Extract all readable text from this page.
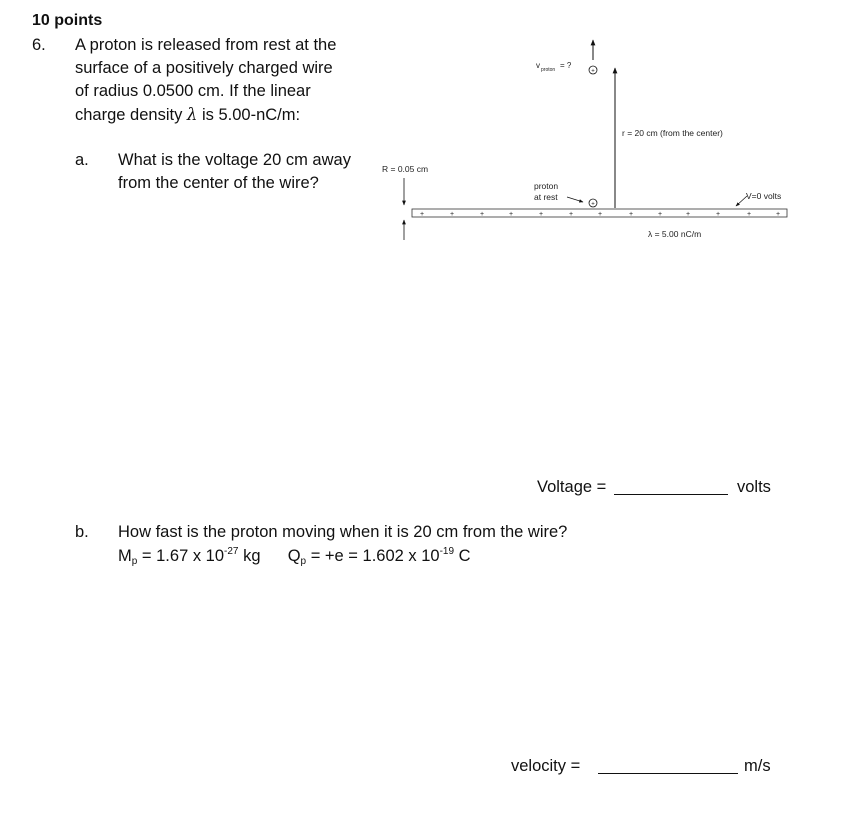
10 points
6. A proton is released from rest at the
surface of a positively charged wire
of radius 0.0500 cm. If the linear
charge density λ is 5.00-nC/m:
a. What is the voltage 20 cm away
from the center of the wire?
v proton = ?
+
r = 20 cm (from the center)
R = 0.05 cm
+	+	+	+	+	+	+	+	+	+	+	+	+
proton
at rest
+
V=0 volts
λ = 5.00 nC/m
Voltage =	volts
b. How fast is the proton moving when it is 20 cm from the wire?
$M_p = 1.67$ x $10^{-27}$ kg $Q_p = +e = 1.602$ x $10^{-19}$ C
velocity =	m/s
